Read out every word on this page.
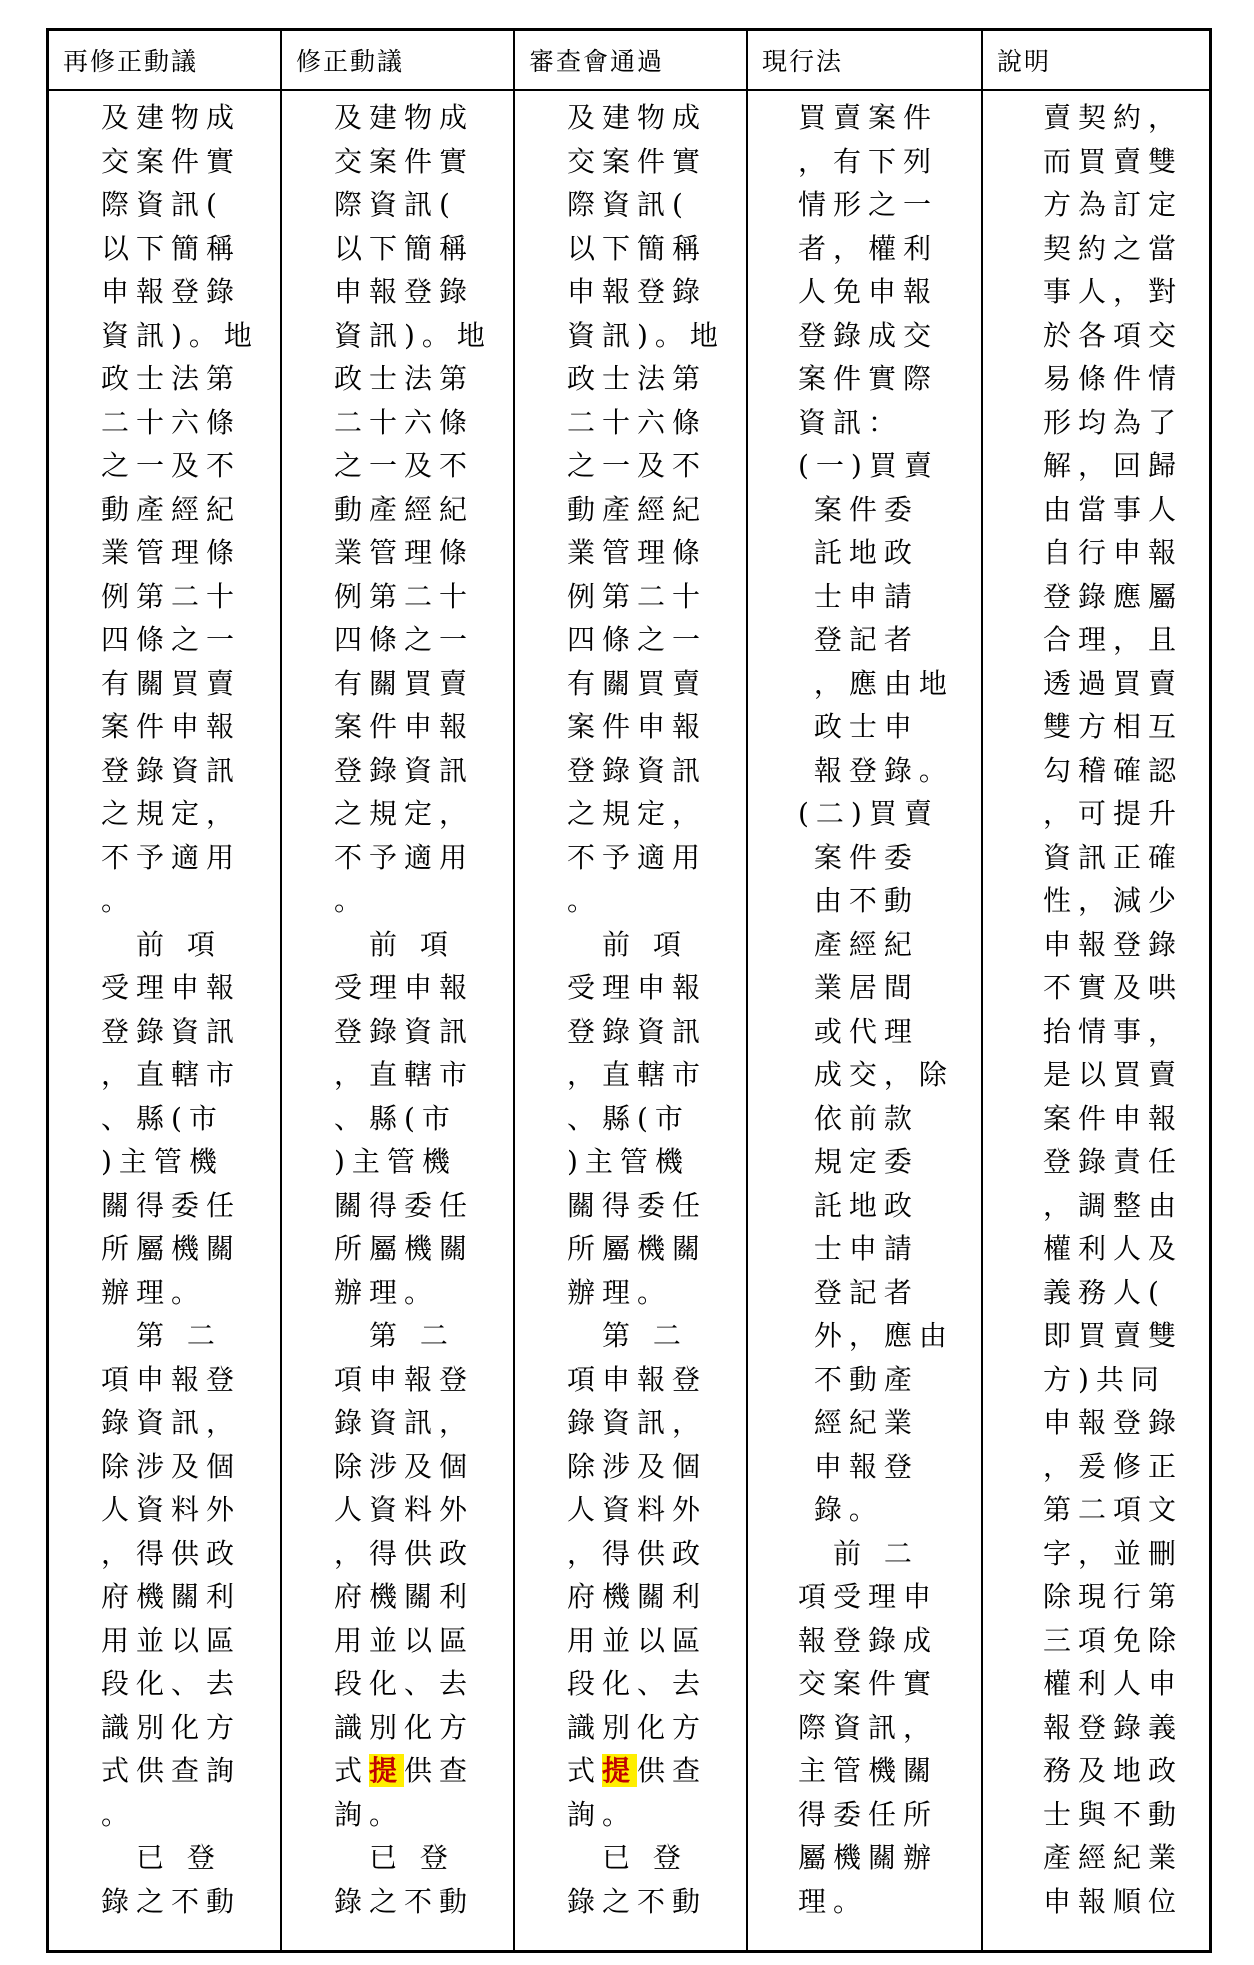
再修正動議
及建物成
交案件實
際資訊(
以下簡稱
申報登錄
資訊)。地
政士法第
二十六條
之一及不
動產經紀
業管理條
例第二十
四條之一
有關買賣
案件申報
登錄資訊
之規定，
不予適用
。
　前 項
受理申報
登錄資訊
，直轄市
、縣(市
)主管機
關得委任
所屬機關
辦理。
　第 二
項申報登
錄資訊，
除涉及個
人資料外
，得供政
府機關利
用並以區
段化、去
識別化方
式供查詢
。
　已 登
錄之不動
修正動議
及建物成
交案件實
際資訊(
以下簡稱
申報登錄
資訊)。地
政士法第
二十六條
之一及不
動產經紀
業管理條
例第二十
四條之一
有關買賣
案件申報
登錄資訊
之規定，
不予適用
。
　前 項
受理申報
登錄資訊
，直轄市
、縣(市
)主管機
關得委任
所屬機關
辦理。
　第 二
項申報登
錄資訊，
除涉及個
人資料外
，得供政
府機關利
用並以區
段化、去
識別化方
式提供查
詢。
　已 登
錄之不動
審查會通過
及建物成
交案件實
際資訊(
以下簡稱
申報登錄
資訊)。地
政士法第
二十六條
之一及不
動產經紀
業管理條
例第二十
四條之一
有關買賣
案件申報
登錄資訊
之規定，
不予適用
。
　前 項
受理申報
登錄資訊
，直轄市
、縣(市
)主管機
關得委任
所屬機關
辦理。
　第 二
項申報登
錄資訊，
除涉及個
人資料外
，得供政
府機關利
用並以區
段化、去
識別化方
式提供查
詢。
　已 登
錄之不動
現行法
買賣案件
，有下列
情形之一
者，權利
人免申報
登錄成交
案件實際
資訊：
(一)買賣
案件委
託地政
士申請
登記者
，應由地
政士申
報登錄。
(二)買賣
案件委
由不動
產經紀
業居間
或代理
成交，除
依前款
規定委
託地政
士申請
登記者
外，應由
不動產
經紀業
申報登
錄。
　前 二
項受理申
報登錄成
交案件實
際資訊，
主管機關
得委任所
屬機關辦
理。
說明
賣契約，
而買賣雙
方為訂定
契約之當
事人，對
於各項交
易條件情
形均為了
解，回歸
由當事人
自行申報
登錄應屬
合理，且
透過買賣
雙方相互
勾稽確認
，可提升
資訊正確
性，減少
申報登錄
不實及哄
抬情事，
是以買賣
案件申報
登錄責任
，調整由
權利人及
義務人(
即買賣雙
方)共同
申報登錄
，爰修正
第二項文
字，並刪
除現行第
三項免除
權利人申
報登錄義
務及地政
士與不動
產經紀業
申報順位
